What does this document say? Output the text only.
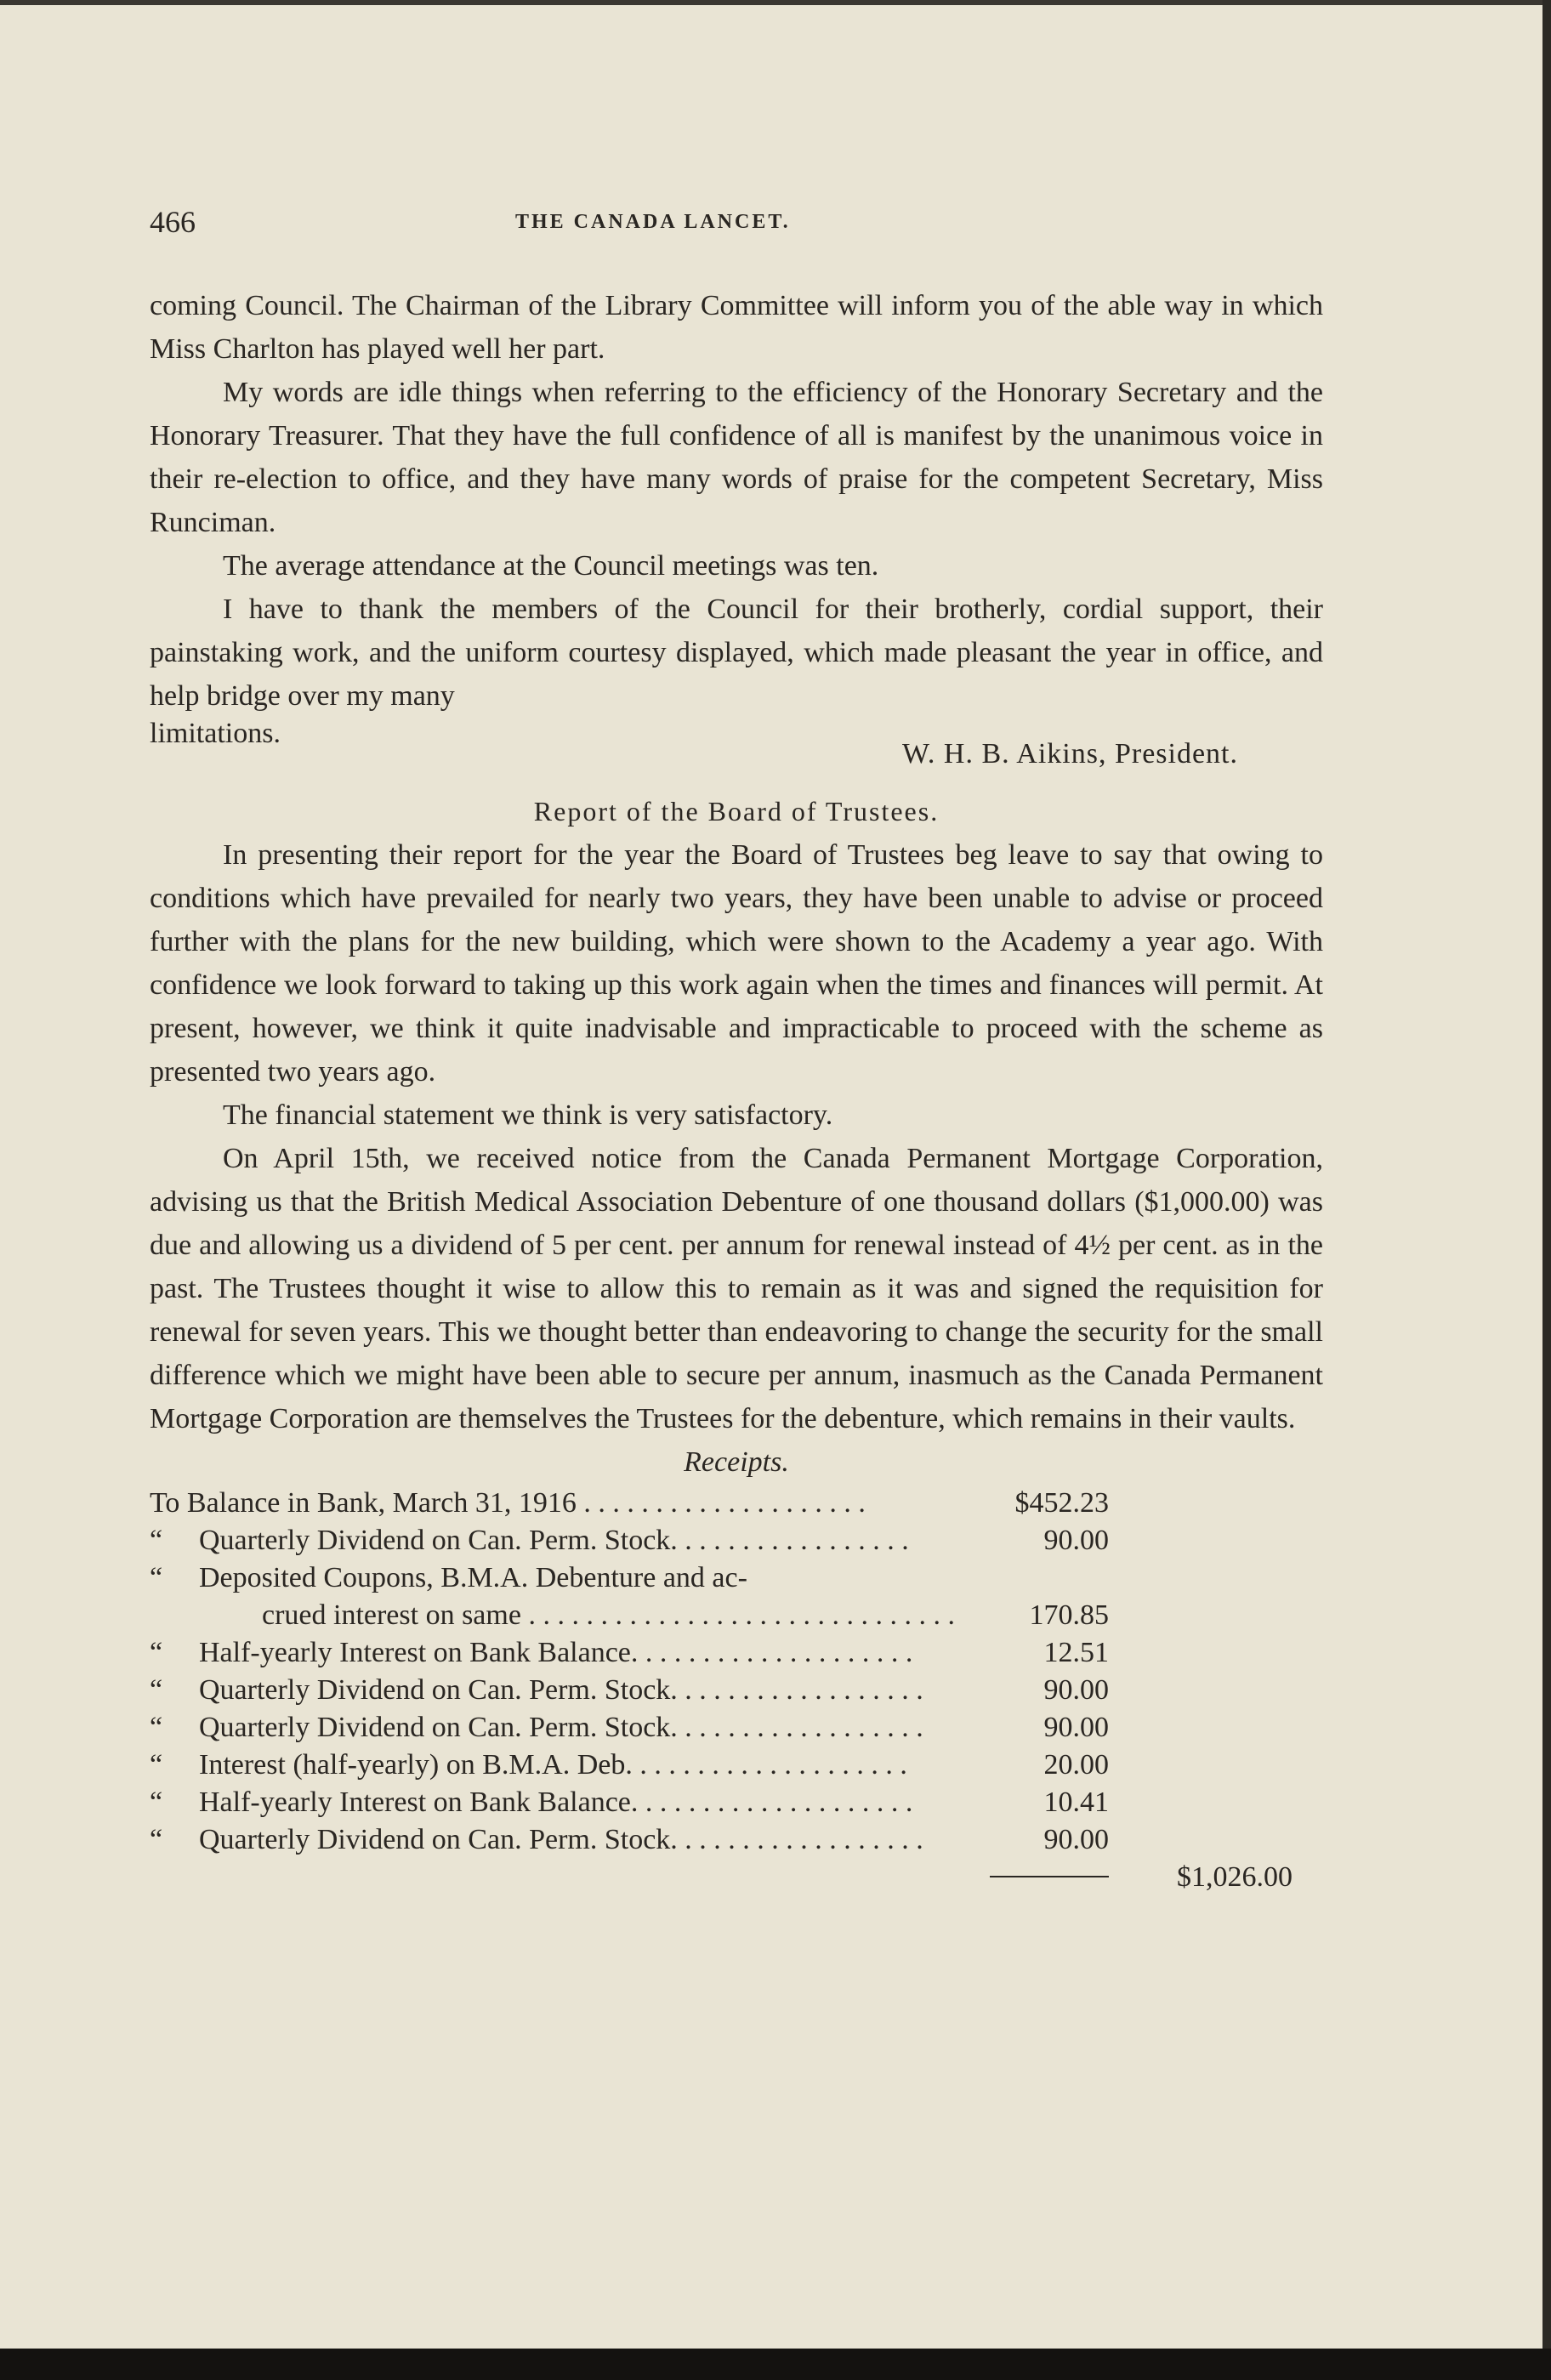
466	THE CANADA LANCET.

coming Council. The Chairman of the Library Committee will inform you of the able way in which Miss Charlton has played well her part.

My words are idle things when referring to the efficiency of the Honorary Secretary and the Honorary Treasurer. That they have the full confidence of all is manifest by the unanimous voice in their re-election to office, and they have many words of praise for the competent Secretary, Miss Runciman.

The average attendance at the Council meetings was ten.

I have to thank the members of the Council for their brotherly, cordial support, their painstaking work, and the uniform courtesy displayed, which made pleasant the year in office, and help bridge over my many

limitations.
W. H. B. Aikins, President.
Report of the Board of Trustees.

In presenting their report for the year the Board of Trustees beg leave to say that owing to conditions which have prevailed for nearly two years, they have been unable to advise or proceed further with the plans for the new building, which were shown to the Academy a year ago. With confidence we look forward to taking up this work again when the times and finances will permit. At present, however, we think it quite inadvisable and impracticable to proceed with the scheme as presented two years ago.

The financial statement we think is very satisfactory.

On April 15th, we received notice from the Canada Permanent Mortgage Corporation, advising us that the British Medical Association Debenture of one thousand dollars ($1,000.00) was due and allowing us a dividend of 5 per cent. per annum for renewal instead of 4½ per cent. as in the past. The Trustees thought it wise to allow this to remain as it was and signed the requisition for renewal for seven years. This we thought better than endeavoring to change the security for the small difference which we might have been able to secure per annum, inasmuch as the Canada Permanent Mortgage Corporation are themselves the Trustees for the debenture, which remains in their vaults.

Receipts.
To Balance in Bank, March 31, 1916 . . . . . . . . . . . . . . . . . . . .	$452.23
“	Quarterly Dividend on Can. Perm. Stock. . . . . . . . . . . . . . . . .	90.00
“	Deposited Coupons, B.M.A. Debenture and ac-
crued interest on same . . . . . . . . . . . . . . . . . . . . . . . . . . . . . .	170.85
“	Half-yearly Interest on Bank Balance. . . . . . . . . . . . . . . . . . . .	12.51
“	Quarterly Dividend on Can. Perm. Stock. . . . . . . . . . . . . . . . . .	90.00
“	Quarterly Dividend on Can. Perm. Stock. . . . . . . . . . . . . . . . . .	90.00
“	Interest (half-yearly) on B.M.A. Deb. . . . . . . . . . . . . . . . . . . .	20.00
“	Half-yearly Interest on Bank Balance. . . . . . . . . . . . . . . . . . . .	10.41
“	Quarterly Dividend on Can. Perm. Stock. . . . . . . . . . . . . . . . . .	90.00
$1,026.00
